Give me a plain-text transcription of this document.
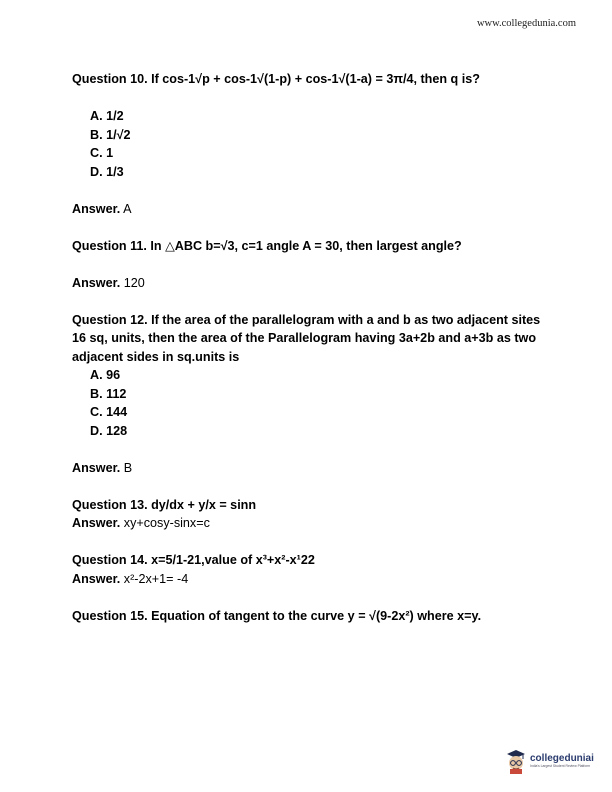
www.collegedunia.com

Question 10. If cos-1√p + cos-1√(1-p) + cos-1√(1-a) = 3π/4, then q is?

A. 1/2
B. 1/√2
C. 1
D. 1/3

Answer. A

Question 11. In △ABC b=√3, c=1 angle A = 30, then largest angle?

Answer. 120

Question 12. If the area of the parallelogram with a and b as two adjacent sites 16 sq, units, then the area of the Parallelogram having 3a+2b and a+3b as two adjacent sides in sq.units is

A. 96
B. 112
C. 144
D. 128

Answer. B

Question 13. dy/dx + y/x = sinn

Answer. xy+cosy-sinx=c

Question 14. x=5/1-21,value of x³+x²-x¹22

Answer. x²-2x+1= -4

Question 15. Equation of tangent to the curve y = √(9-2x²) where x=y.

collegeduniai
India's Largest Student Review Platform
